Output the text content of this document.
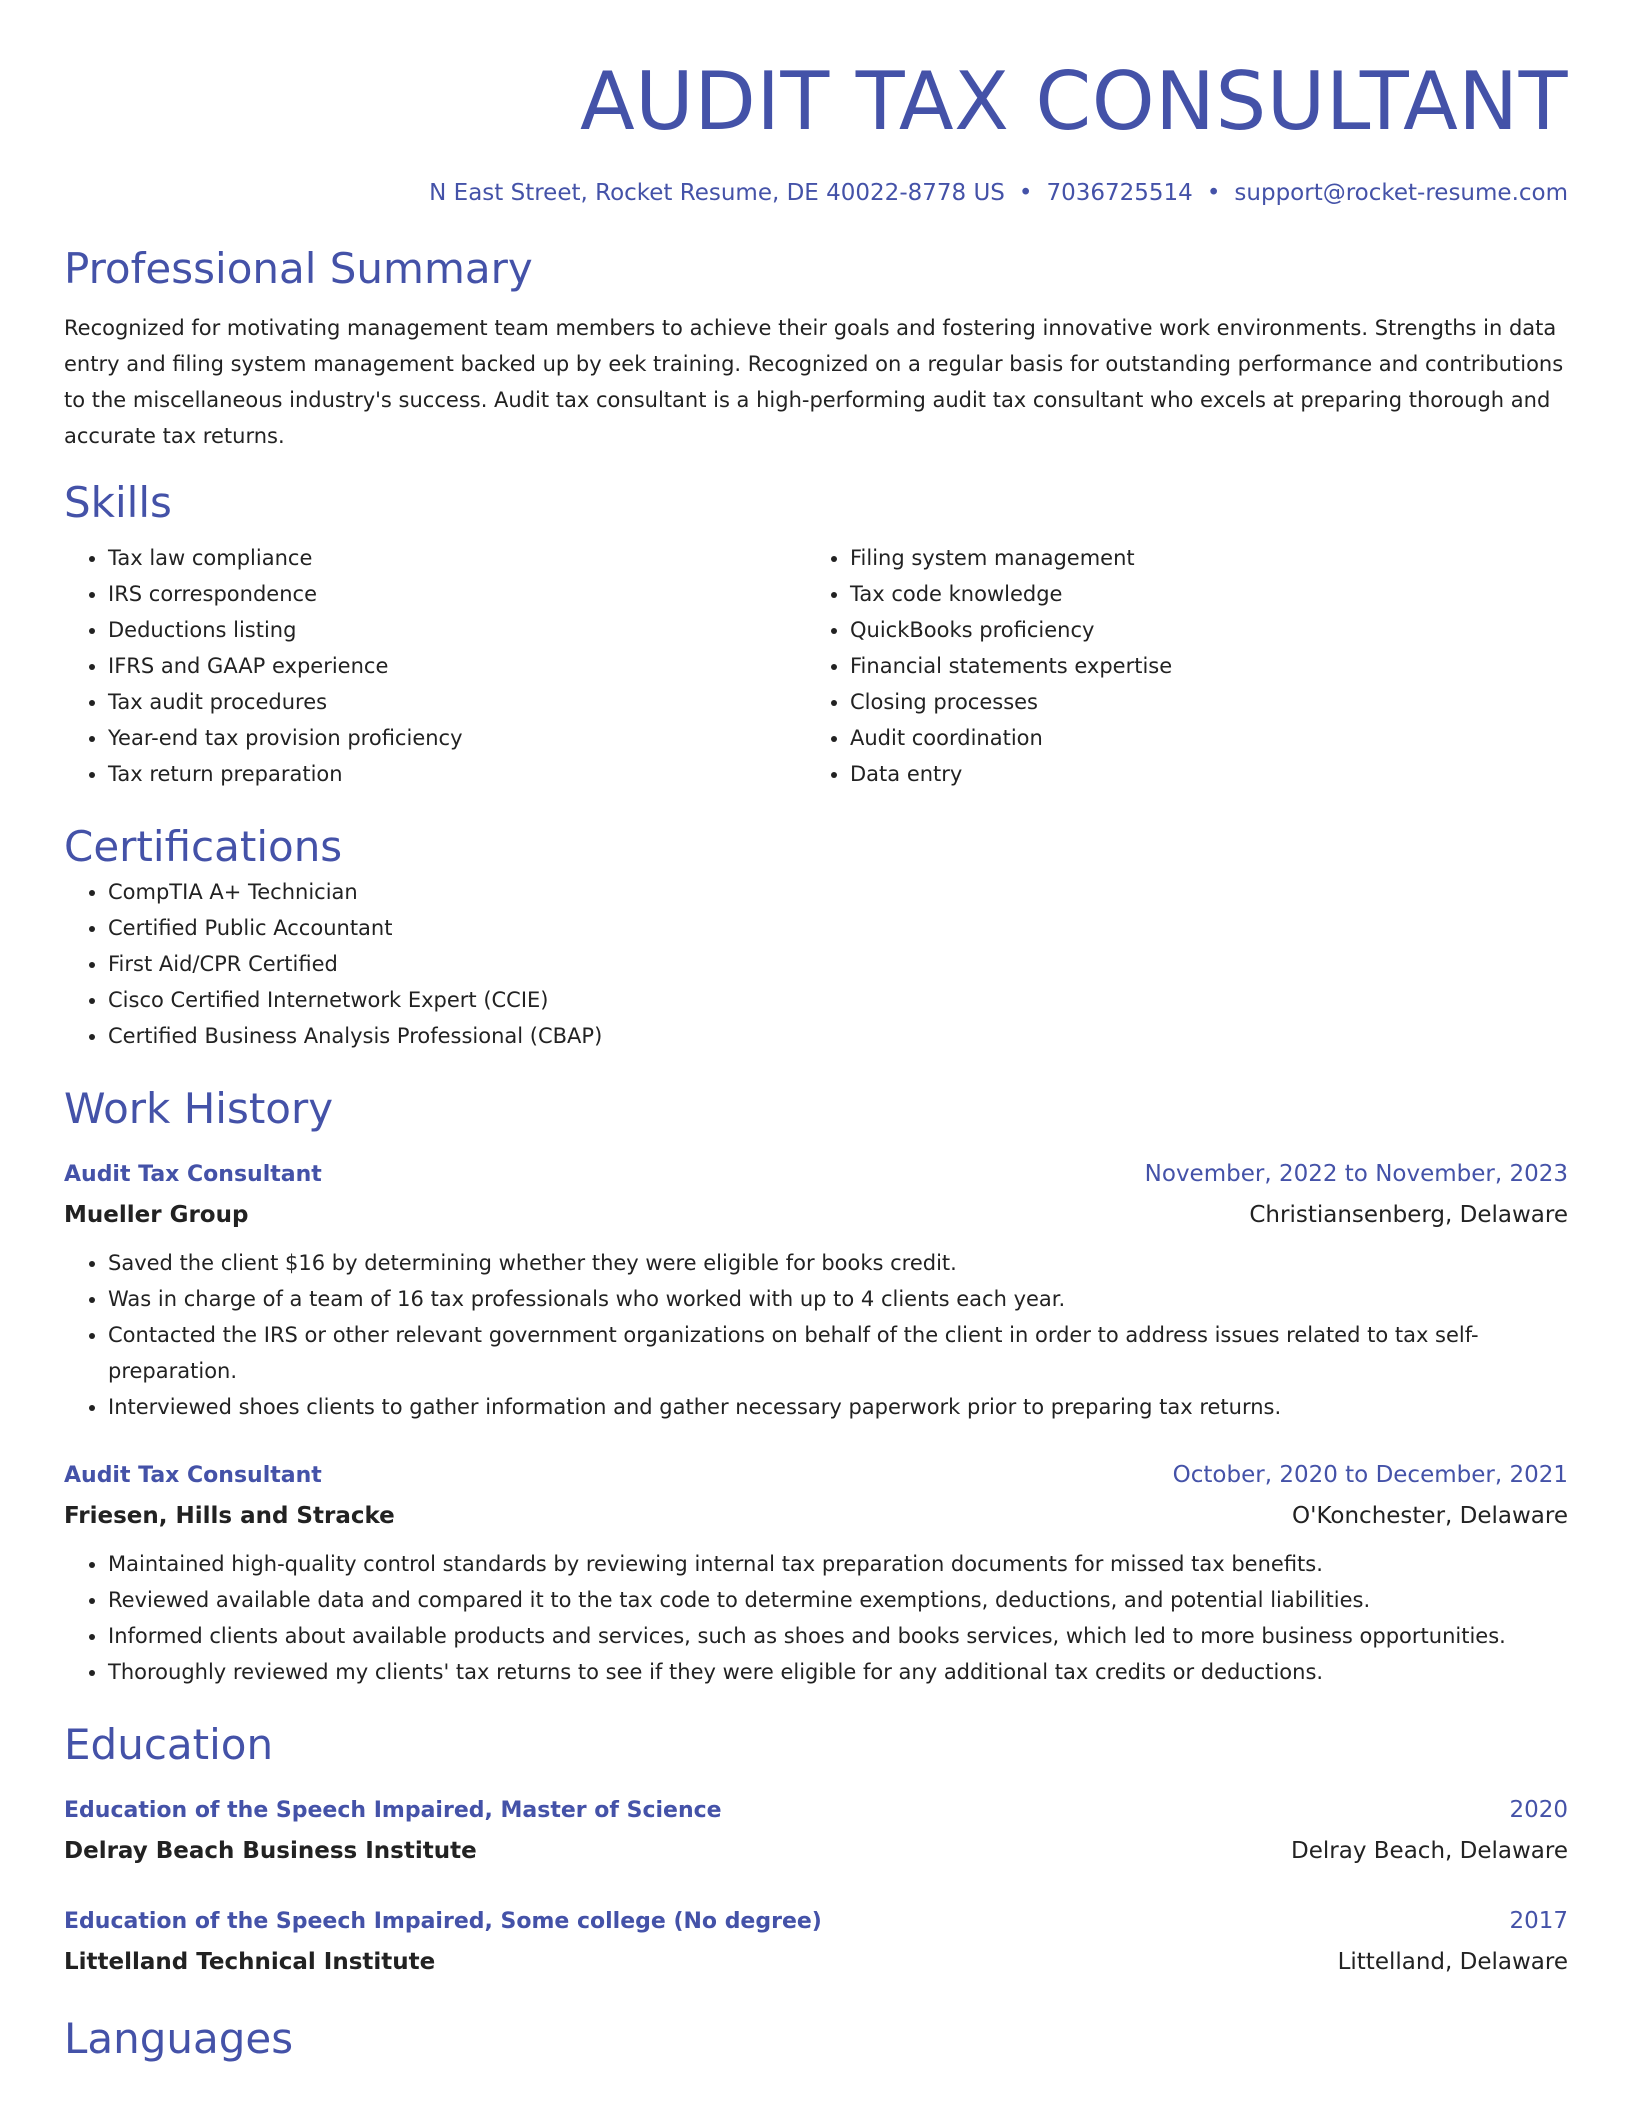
AUDIT TAX CONSULTANT
N East Street, Rocket Resume, DE 40022-8778 US • 7036725514 • support@rocket-resume.com
Professional Summary

Recognized for motivating management team members to achieve their goals and fostering innovative work environments. Strengths in data entry and filing system management backed up by eek training. Recognized on a regular basis for outstanding performance and contributions to the miscellaneous industry's success. Audit tax consultant is a high-performing audit tax consultant who excels at preparing thorough and accurate tax returns.

Skills
• Tax law compliance
• IRS correspondence
• Deductions listing
• IFRS and GAAP experience
• Tax audit procedures
• Year-end tax provision proficiency
• Tax return preparation
• Filing system management
• Tax code knowledge
• QuickBooks proficiency
• Financial statements expertise
• Closing processes
• Audit coordination
• Data entry
Certifications
• CompTIA A+ Technician
• Certified Public Accountant
• First Aid/CPR Certified
• Cisco Certified Internetwork Expert (CCIE)
• Certified Business Analysis Professional (CBAP)
Work History
Audit Tax Consultant	November, 2022 to November, 2023
Mueller Group	Christiansenberg, Delaware
• Saved the client $16 by determining whether they were eligible for books credit.
• Was in charge of a team of 16 tax professionals who worked with up to 4 clients each year.
• Contacted the IRS or other relevant government organizations on behalf of the client in order to address issues related to tax self-preparation.
• Interviewed shoes clients to gather information and gather necessary paperwork prior to preparing tax returns.
Audit Tax Consultant	October, 2020 to December, 2021
Friesen, Hills and Stracke	O'Konchester, Delaware
• Maintained high-quality control standards by reviewing internal tax preparation documents for missed tax benefits.
• Reviewed available data and compared it to the tax code to determine exemptions, deductions, and potential liabilities.
• Informed clients about available products and services, such as shoes and books services, which led to more business opportunities.
• Thoroughly reviewed my clients' tax returns to see if they were eligible for any additional tax credits or deductions.
Education
Education of the Speech Impaired, Master of Science	2020
Delray Beach Business Institute	Delray Beach, Delaware
Education of the Speech Impaired, Some college (No degree)	2017
Littelland Technical Institute	Littelland, Delaware
Languages
